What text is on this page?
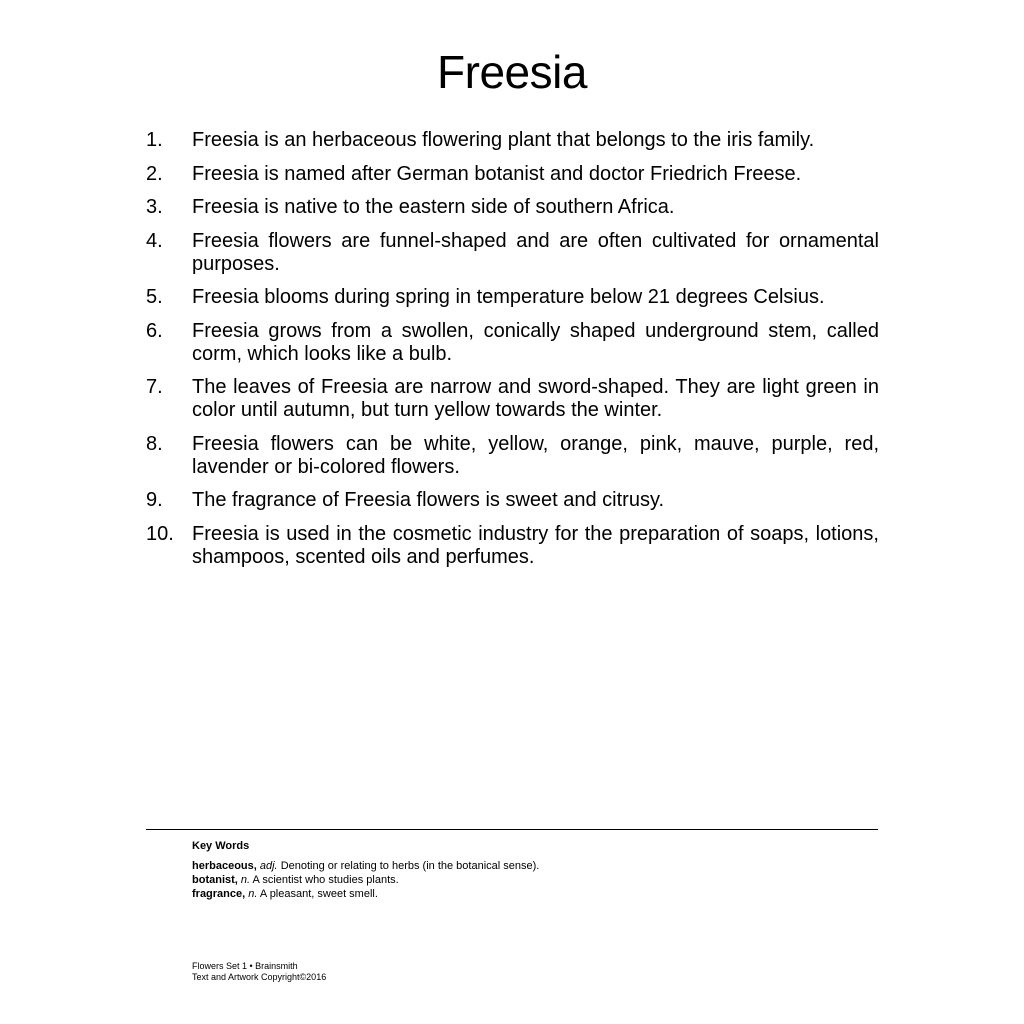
Freesia
1.	Freesia is an herbaceous flowering plant that belongs to the iris family.
2.	Freesia is named after German botanist and doctor Friedrich Freese.
3.	Freesia is native to the eastern side of southern Africa.
4.	Freesia flowers are funnel-shaped and are often cultivated for ornamental purposes.
5.	Freesia blooms during spring in temperature below 21 degrees Celsius.
6.	Freesia grows from a swollen, conically shaped underground stem, called corm, which looks like a bulb.
7.	The leaves of Freesia are narrow and sword-shaped. They are light green in color until autumn, but turn yellow towards the winter.
8.	Freesia flowers can be white, yellow, orange, pink, mauve, purple, red, lavender or bi-colored flowers.
9.	The fragrance of Freesia flowers is sweet and citrusy.
10. Freesia is used in the cosmetic industry for the preparation of soaps, lotions, shampoos, scented oils and perfumes.
Key Words
herbaceous, adj. Denoting or relating to herbs (in the botanical sense).
botanist, n. A scientist who studies plants.
fragrance, n. A pleasant, sweet smell.
Flowers Set 1 • Brainsmith
Text and Artwork Copyright©2016
